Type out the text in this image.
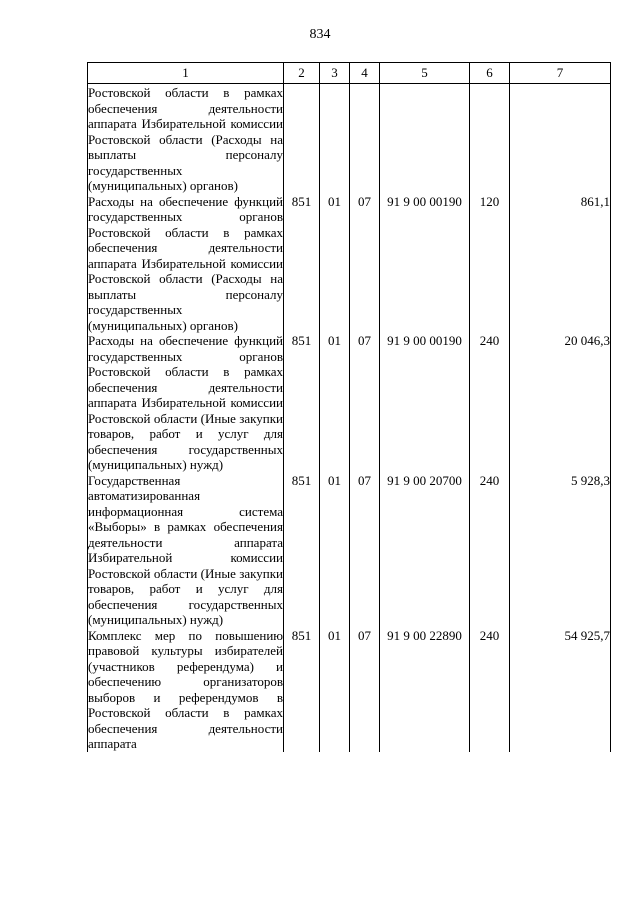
834
1	2	3	4	5	6	7
Ростовской области в рамках обеспечения деятельности аппарата Избирательной комиссии Ростовской области (Расходы на выплаты персоналу государственных (муниципальных) органов)						
Расходы на обеспечение функций государственных органов Ростовской области в рамках обеспечения деятельности аппарата Избирательной комиссии Ростовской области (Расходы на выплаты персоналу государственных (муниципальных) органов)	851	01	07	91 9 00 00190	120	861,1
Расходы на обеспечение функций государственных органов Ростовской области в рамках обеспечения деятельности аппарата Избирательной комиссии Ростовской области (Иные закупки товаров, работ и услуг для обеспечения государственных (муниципальных) нужд)	851	01	07	91 9 00 00190	240	20 046,3
Государственная автоматизированная информационная система «Выборы» в рамках обеспечения деятельности аппарата Избирательной комиссии Ростовской области (Иные закупки товаров, работ и услуг для обеспечения государственных (муниципальных) нужд)	851	01	07	91 9 00 20700	240	5 928,3
Комплекс мер по повышению правовой культуры избирателей (участников референдума) и обеспечению организаторов выборов и референдумов в Ростовской области в рамках обеспечения деятельности аппарата	851	01	07	91 9 00 22890	240	54 925,7
